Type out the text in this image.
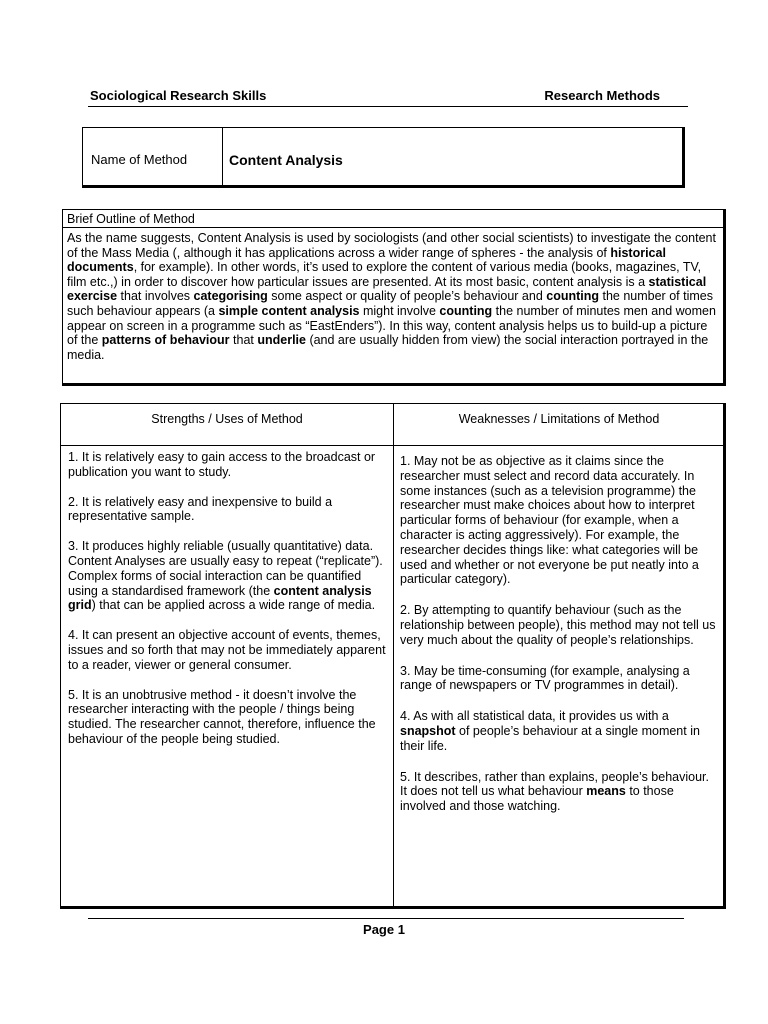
Sociological Research Skills	Research Methods
Name of Method	Content Analysis
Brief Outline of Method
As the name suggests, Content Analysis is used by sociologists (and other social scientists) to investigate the content of the Mass Media (, although it has applications across a wider range of spheres - the analysis of historical documents, for example). In other words, it’s used to explore the content of various media (books, magazines, TV, film etc.,) in order to discover how particular issues are presented. At its most basic, content analysis is a statistical exercise that involves categorising some aspect or quality of people’s behaviour and counting the number of times such behaviour appears (a simple content analysis might involve counting the number of minutes men and women appear on screen in a programme such as “EastEnders”). In this way, content analysis helps us to build-up a picture of the patterns of behaviour that underlie (and are usually hidden from view) the social interaction portrayed in the media.
Strengths / Uses of Method

1. It is relatively easy to gain access to the broadcast or publication you want to study.

2. It is relatively easy and inexpensive to build a representative sample.

3. It produces highly reliable (usually quantitative) data. Content Analyses are usually easy to repeat (“replicate”). Complex forms of social interaction can be quantified using a standardised framework (the content analysis grid) that can be applied across a wide range of media.

4. It can present an objective account of events, themes, issues and so forth that may not be immediately apparent to a reader, viewer or general consumer.

5. It is an unobtrusive method - it doesn’t involve the researcher interacting with the people / things being studied. The researcher cannot, therefore, influence the behaviour of the people being studied.

Weaknesses / Limitations of Method

1. May not be as objective as it claims since the researcher must select and record data accurately. In some instances (such as a television programme) the researcher must make choices about how to interpret particular forms of behaviour (for example, when a character is acting aggressively). For example, the researcher decides things like: what categories will be used and whether or not everyone be put neatly into a particular category).

2. By attempting to quantify behaviour (such as the relationship between people), this method may not tell us very much about the quality of people’s relationships.

3. May be time-consuming (for example, analysing a range of newspapers or TV programmes in detail).

4. As with all statistical data, it provides us with a snapshot of people’s behaviour at a single moment in their life.

5. It describes, rather than explains, people’s behaviour. It does not tell us what behaviour means to those involved and those watching.

Page 1
